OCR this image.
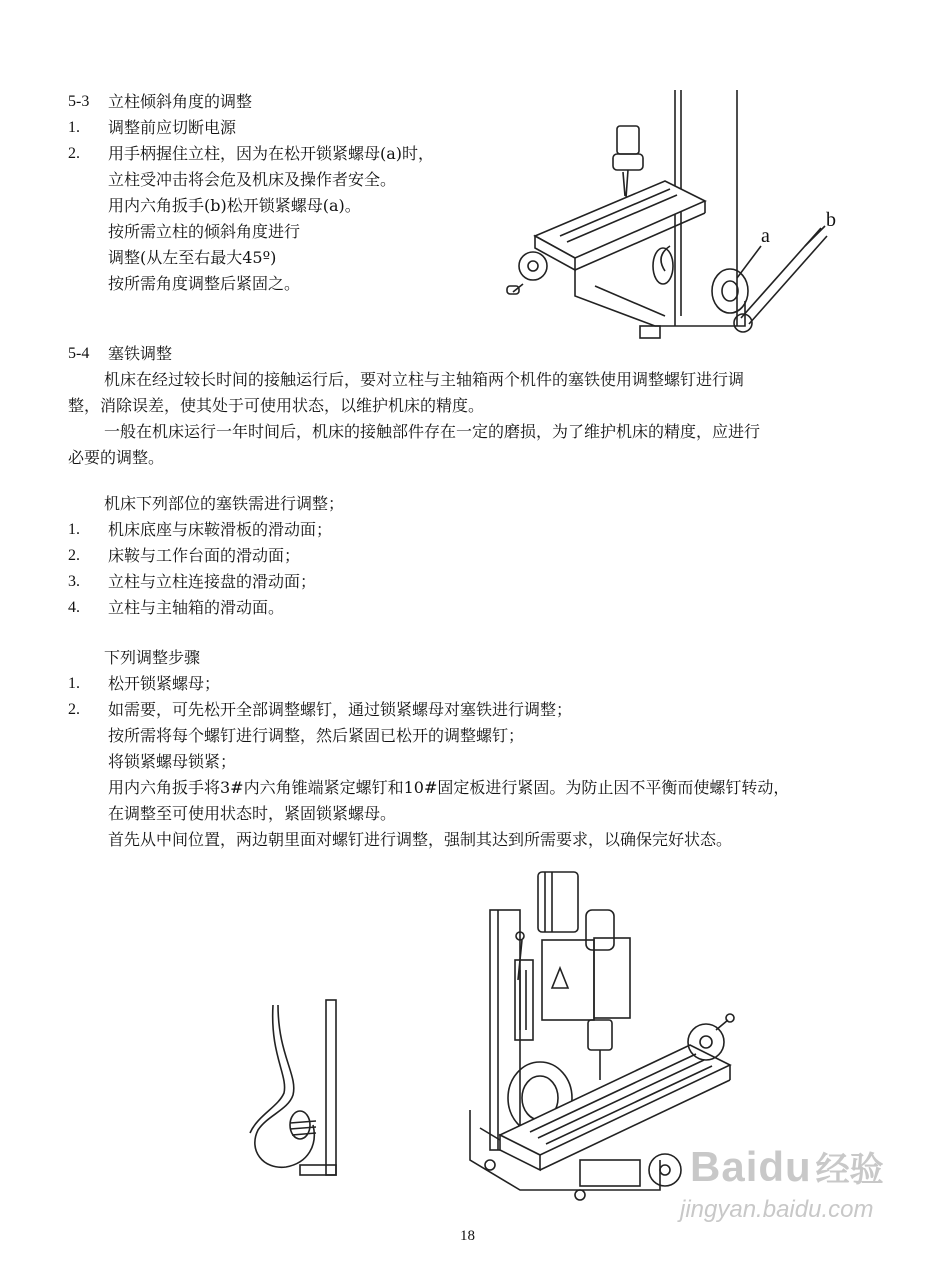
5-3 立柱倾斜角度的调整
1. 调整前应切断电源
2. 用手柄握住立柱，因为在松开锁紧螺母(a)时，
立柱受冲击将会危及机床及操作者安全。
用内六角扳手(b)松开锁紧螺母(a)。
按所需立柱的倾斜角度进行
调整(从左至右最大45º)
按所需角度调整后紧固之。
a
b
5-4 塞铁调整
机床在经过较长时间的接触运行后，要对立柱与主轴箱两个机件的塞铁使用调整螺钉进行调
整，消除误差，使其处于可使用状态，以维护机床的精度。
一般在机床运行一年时间后，机床的接触部件存在一定的磨损，为了维护机床的精度，应进行
必要的调整。
机床下列部位的塞铁需进行调整；
1. 机床底座与床鞍滑板的滑动面；
2. 床鞍与工作台面的滑动面；
3. 立柱与立柱连接盘的滑动面；
4. 立柱与主轴箱的滑动面。
下列调整步骤
1. 松开锁紧螺母；
2. 如需要，可先松开全部调整螺钉，通过锁紧螺母对塞铁进行调整；
按所需将每个螺钉进行调整，然后紧固已松开的调整螺钉；
将锁紧螺母锁紧；
用内六角扳手将3#内六角锥端紧定螺钉和10#固定板进行紧固。为防止因不平衡而使螺钉转动，
在调整至可使用状态时，紧固锁紧螺母。
首先从中间位置，两边朝里面对螺钉进行调整，强制其达到所需要求，以确保完好状态。
Baidu 经验
jingyan.baidu.com
18
